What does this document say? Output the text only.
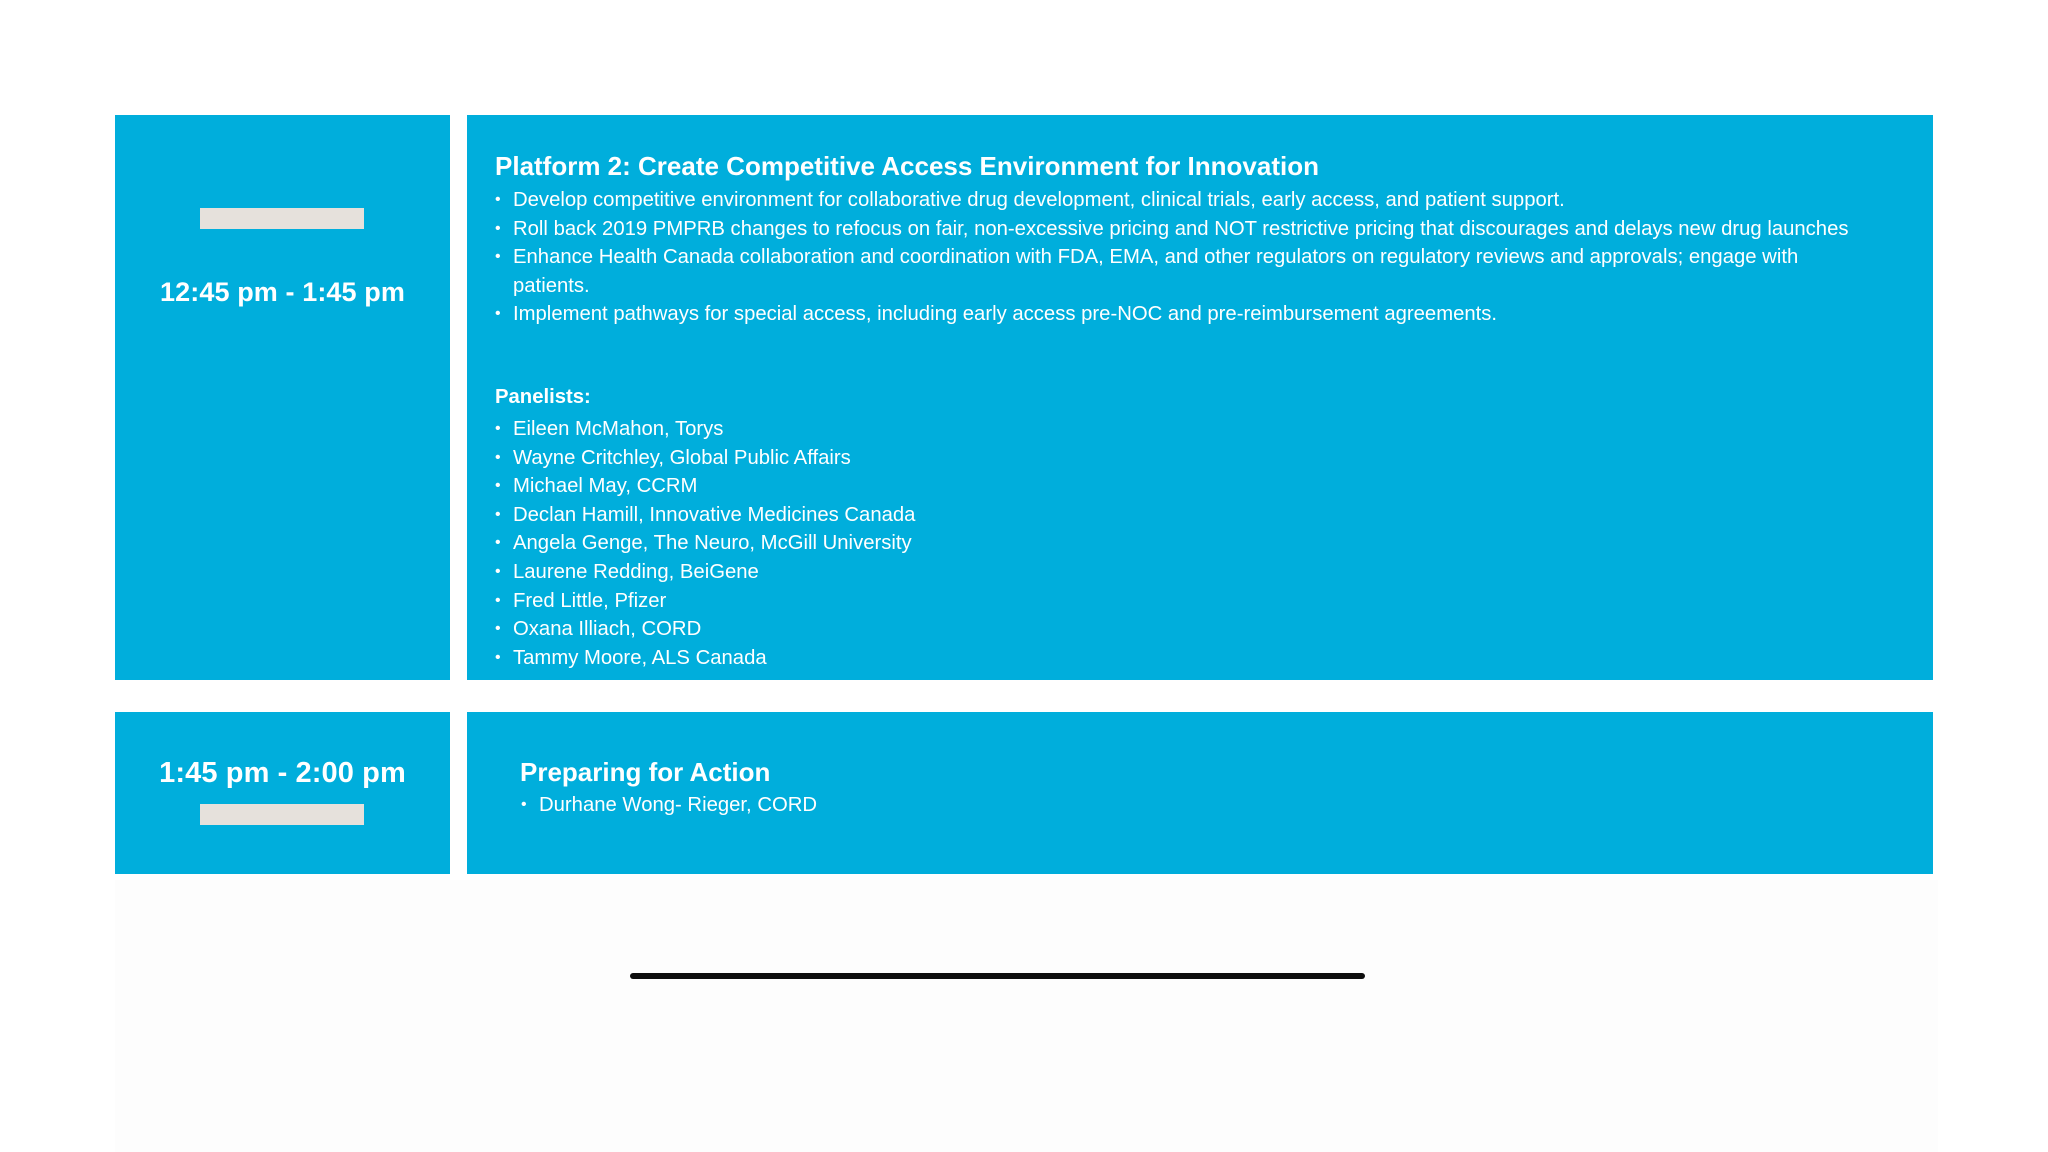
12:45 pm - 1:45 pm
Platform 2: Create Competitive Access Environment for Innovation
• Develop competitive environment for collaborative drug development, clinical trials, early access, and patient support.
• Roll back 2019 PMPRB changes to refocus on fair, non-excessive pricing and NOT restrictive pricing that discourages and delays new drug launches
• Enhance Health Canada collaboration and coordination with FDA, EMA, and other regulators on regulatory reviews and approvals; engage with patients.
• Implement pathways for special access, including early access pre-NOC and pre-reimbursement agreements.
Panelists:
• Eileen McMahon, Torys
• Wayne Critchley, Global Public Affairs
• Michael May, CCRM
• Declan Hamill, Innovative Medicines Canada
• Angela Genge, The Neuro, McGill University
• Laurene Redding, BeiGene
• Fred Little, Pfizer
• Oxana Illiach, CORD
• Tammy Moore, ALS Canada
1:45 pm - 2:00 pm	Preparing for Action
• Durhane Wong- Rieger, CORD
